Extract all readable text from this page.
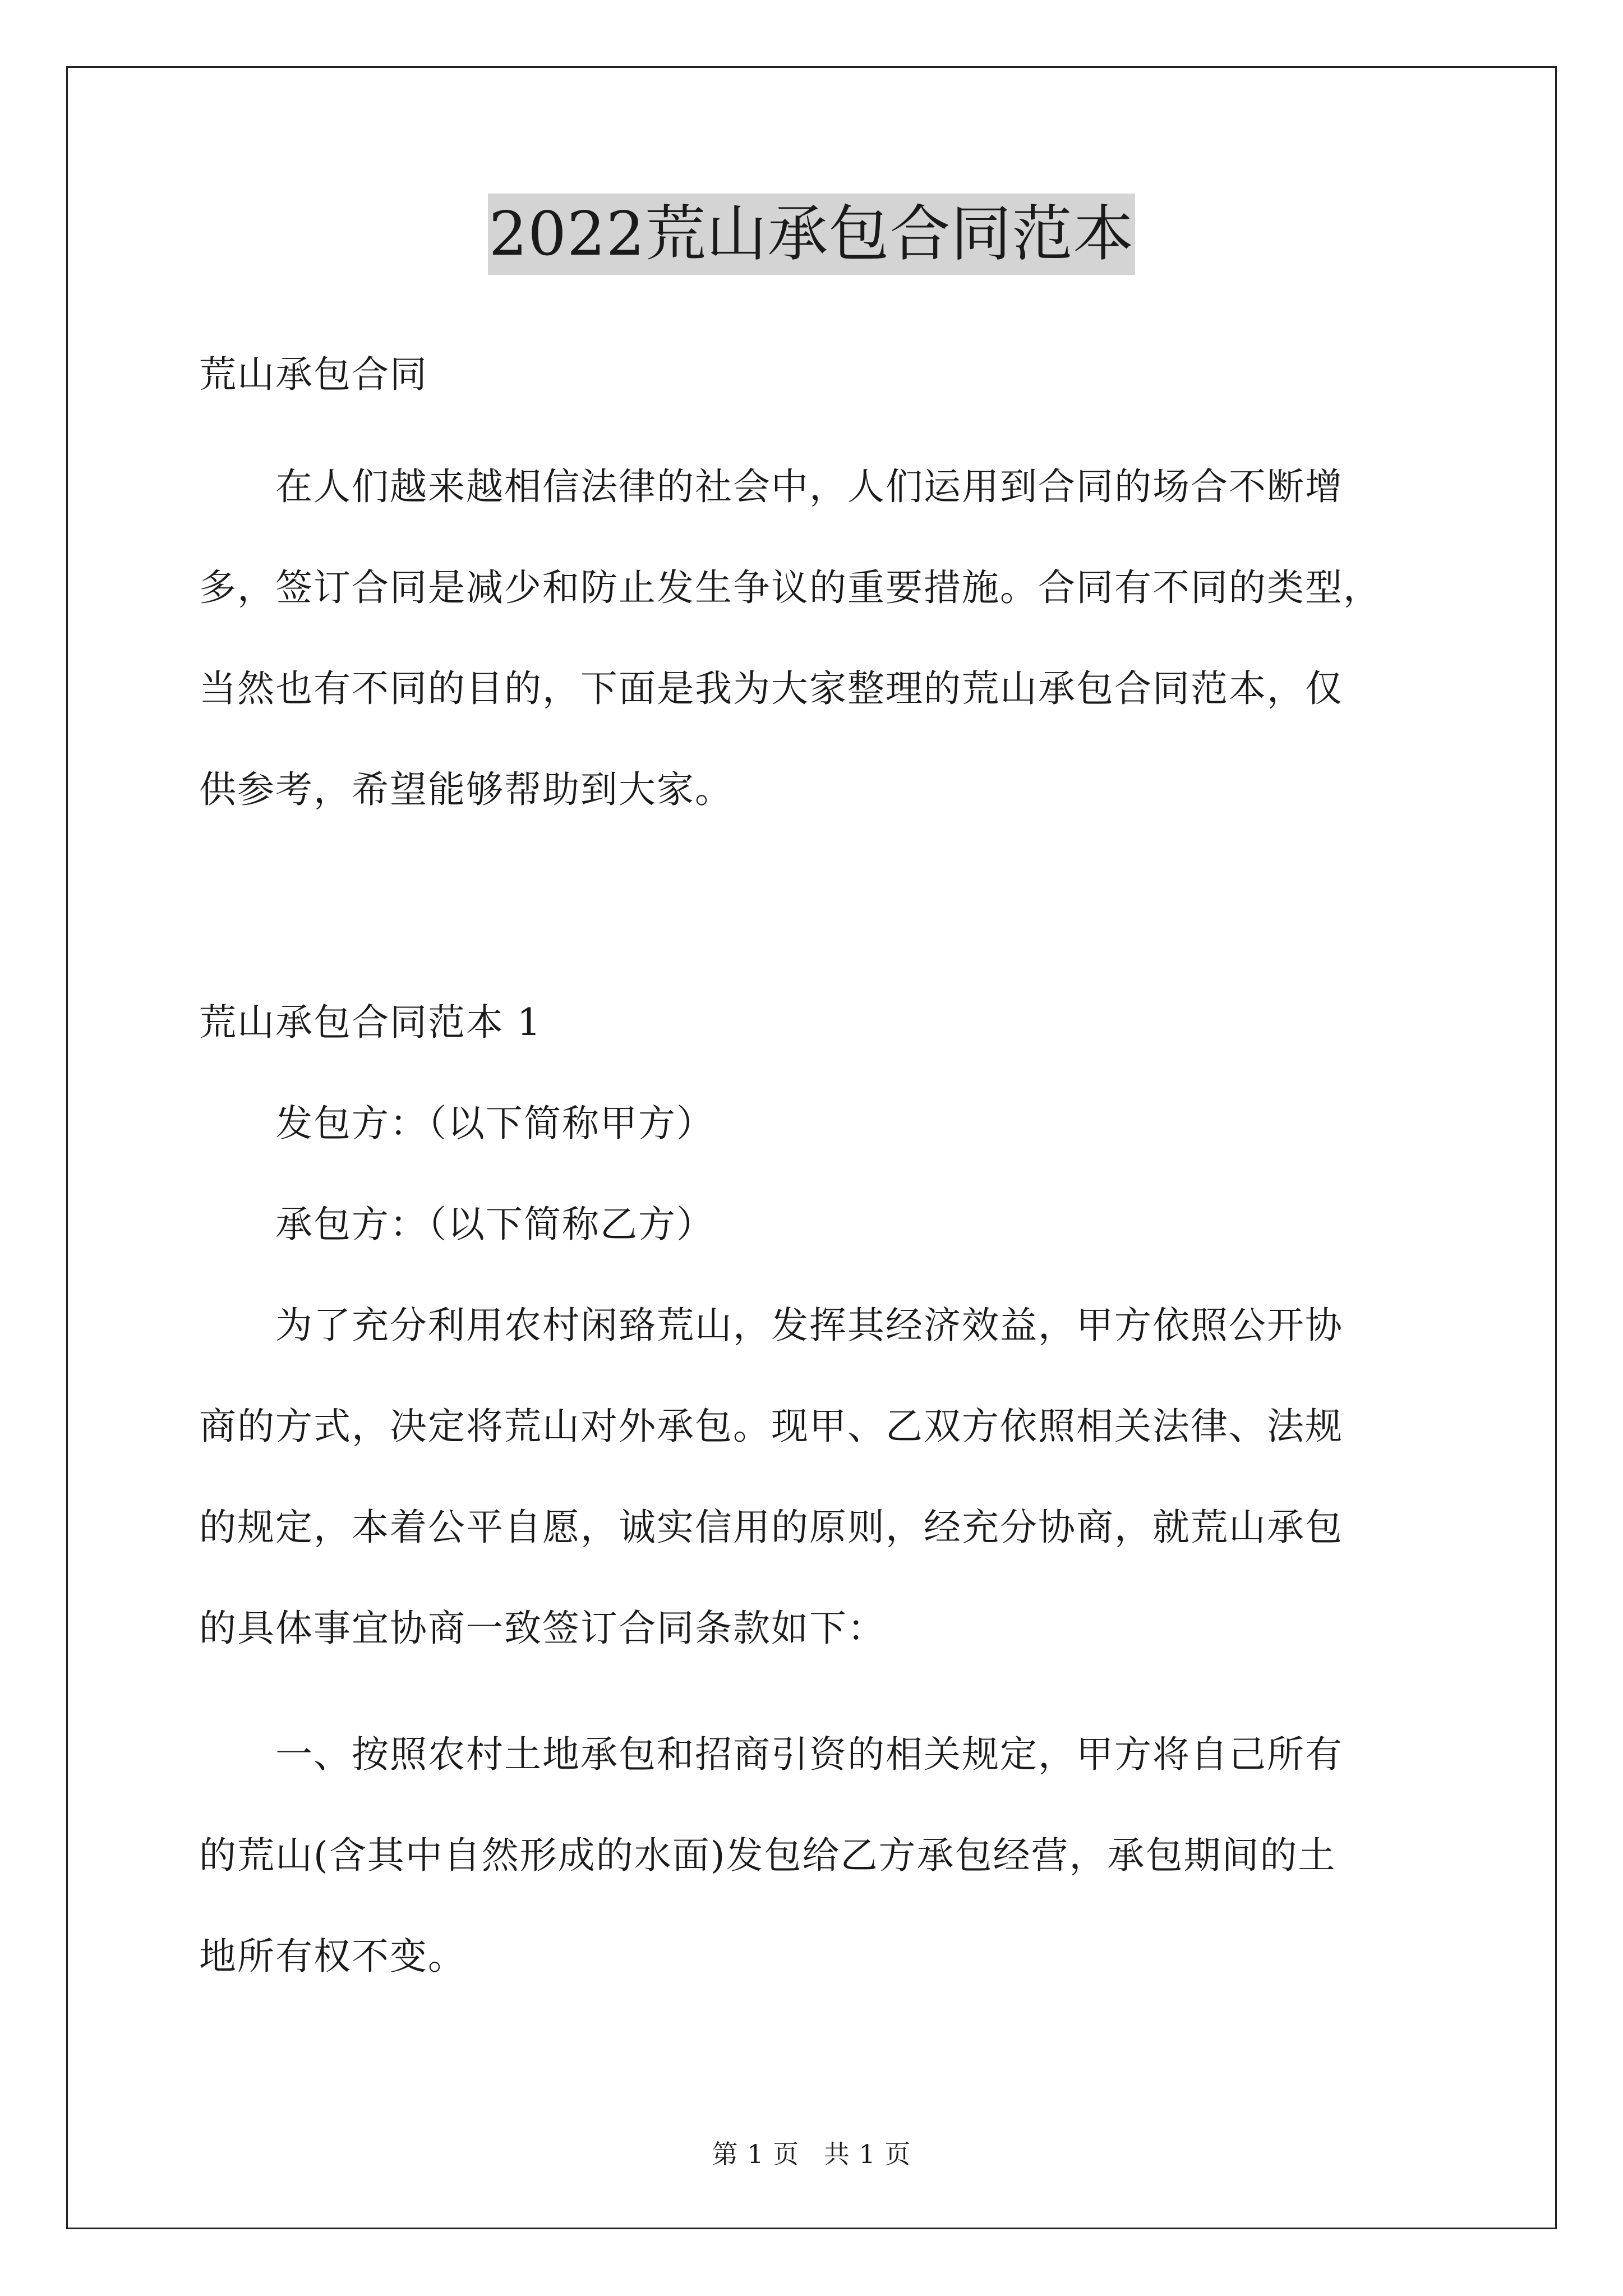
2022荒山承包合同范本
荒山承包合同
　　在人们越来越相信法律的社会中，人们运用到合同的场合不断增
多，签订合同是减少和防止发生争议的重要措施。合同有不同的类型，
当然也有不同的目的，下面是我为大家整理的荒山承包合同范本，仅
供参考，希望能够帮助到大家。
荒山承包合同范本 1
　　发包方：（以下简称甲方）
　　承包方：（以下简称乙方）
　　为了充分利用农村闲臵荒山，发挥其经济效益，甲方依照公开协
商的方式，决定将荒山对外承包。现甲、乙双方依照相关法律、法规
的规定，本着公平自愿，诚实信用的原则，经充分协商，就荒山承包
的具体事宜协商一致签订合同条款如下：
　　一、按照农村土地承包和招商引资的相关规定，甲方将自己所有
的荒山(含其中自然形成的水面)发包给乙方承包经营，承包期间的土
地所有权不变。
第 1 页 共 1 页
